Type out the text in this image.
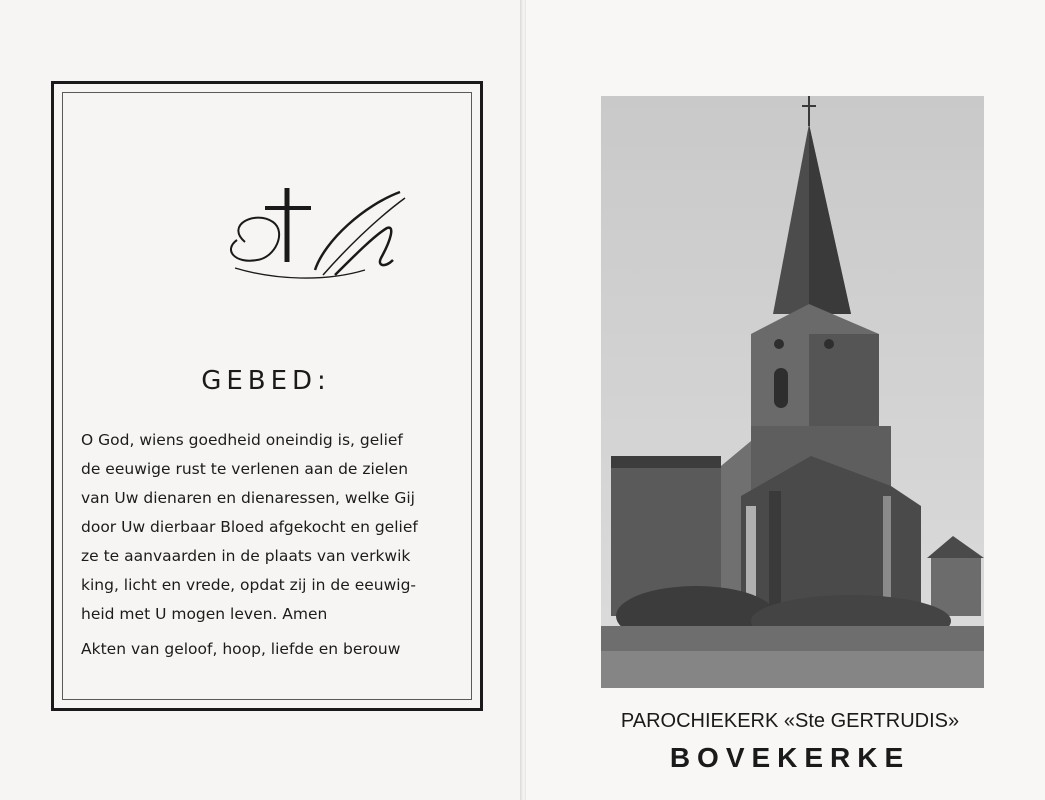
GEBED:
O God, wiens goedheid oneindig is, gelief
de eeuwige rust te verlenen aan de zielen
van Uw dienaren en dienaressen, welke Gij
door Uw dierbaar Bloed afgekocht en gelief
ze te aanvaarden in de plaats van verkwik
king, licht en vrede, opdat zij in de eeuwig-
heid met U mogen leven. Amen
Akten van geloof, hoop, liefde en berouw
PAROCHIEKERK «Ste GERTRUDIS»
BOVEKERKE
